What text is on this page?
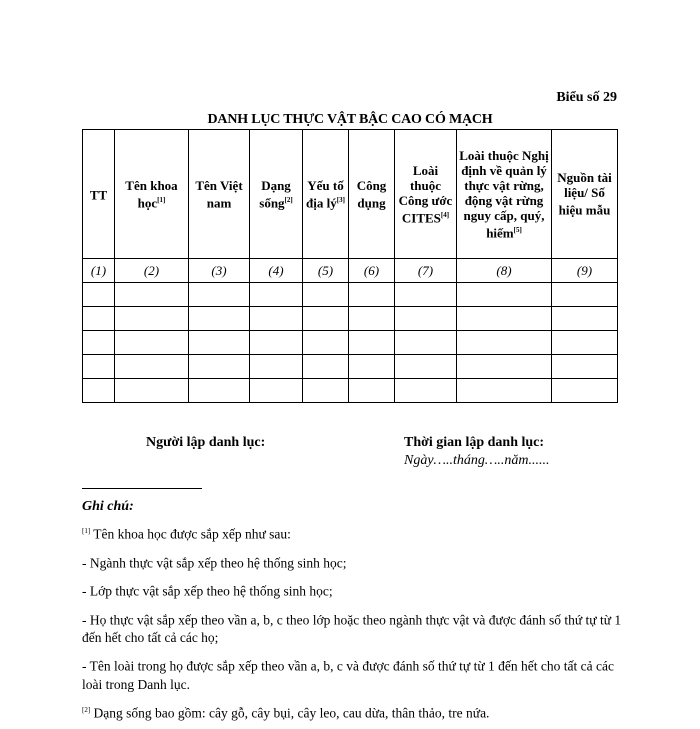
Biểu số 29
DANH LỤC THỰC VẬT BẬC CAO CÓ MẠCH
TT	Tên khoa học[1]	Tên Việt nam	Dạng sống[2]	Yếu tố địa lý[3]	Công dụng	Loài thuộc Công ước CITES[4]	Loài thuộc Nghị định về quản lý thực vật rừng, động vật rừng nguy cấp, quý, hiếm[5]	Nguồn tài liệu/ Số hiệu mẫu
(1)	(2)	(3)	(4)	(5)	(6)	(7)	(8)	(9)

Người lập danh lục:	Thời gian lập danh lục:
Ngày…..tháng…..năm......
Ghi chú:

[1] Tên khoa học được sắp xếp như sau:

- Ngành thực vật sắp xếp theo hệ thống sinh học;

- Lớp thực vật sắp xếp theo hệ thống sinh học;

- Họ thực vật sắp xếp theo vần a, b, c theo lớp hoặc theo ngành thực vật và được đánh số thứ tự từ 1 đến hết cho tất cả các họ;

- Tên loài trong họ được sắp xếp theo vần a, b, c và được đánh số thứ tự từ 1 đến hết cho tất cả các loài trong Danh lục.

[2] Dạng sống bao gồm: cây gỗ, cây bụi, cây leo, cau dừa, thân thảo, tre nứa.
